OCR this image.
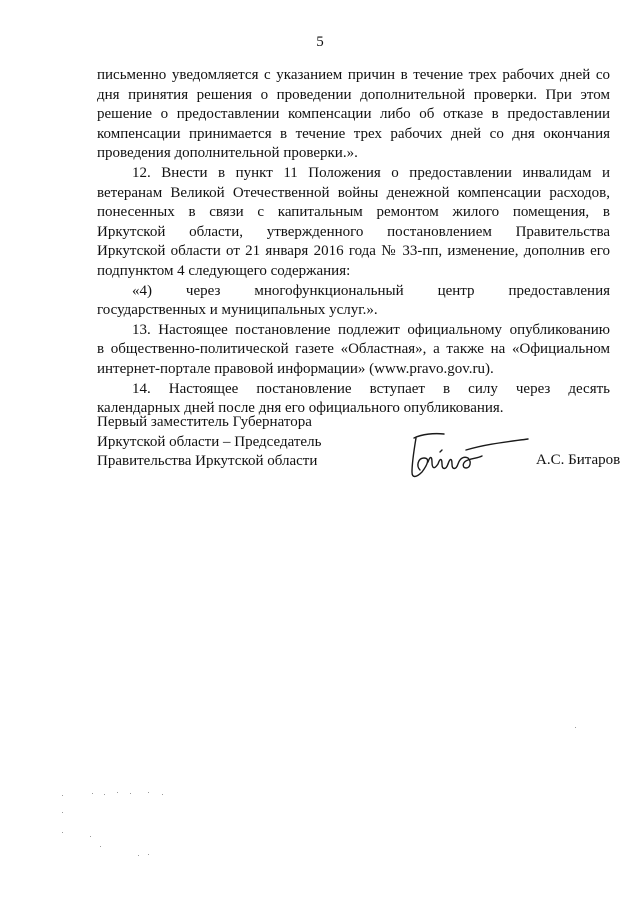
5
письменно уведомляется с указанием причин в течение трех рабочих дней со
дня принятия решения о проведении дополнительной проверки. При этом
решение о предоставлении компенсации либо об отказе в предоставлении
компенсации принимается в течение трех рабочих дней со дня окончания
проведения дополнительной проверки.».
12. Внести в пункт 11 Положения о предоставлении инвалидам и
ветеранам Великой Отечественной войны денежной компенсации расходов,
понесенных в связи с капитальным ремонтом жилого помещения, в
Иркутской области, утвержденного постановлением Правительства
Иркутской области от 21 января 2016 года № 33-пп, изменение, дополнив его
подпунктом 4 следующего содержания:
«4) через многофункциональный центр предоставления
государственных и муниципальных услуг.».
13. Настоящее постановление подлежит официальному опубликованию
в общественно-политической газете «Областная», а также на «Официальном
интернет-портале правовой информации» (www.pravo.gov.ru).
14. Настоящее постановление вступает в силу через десять
календарных дней после дня его официального опубликования.
Первый заместитель Губернатора
Иркутской области – Председатель
Правительства Иркутской области	А.С. Битаров
